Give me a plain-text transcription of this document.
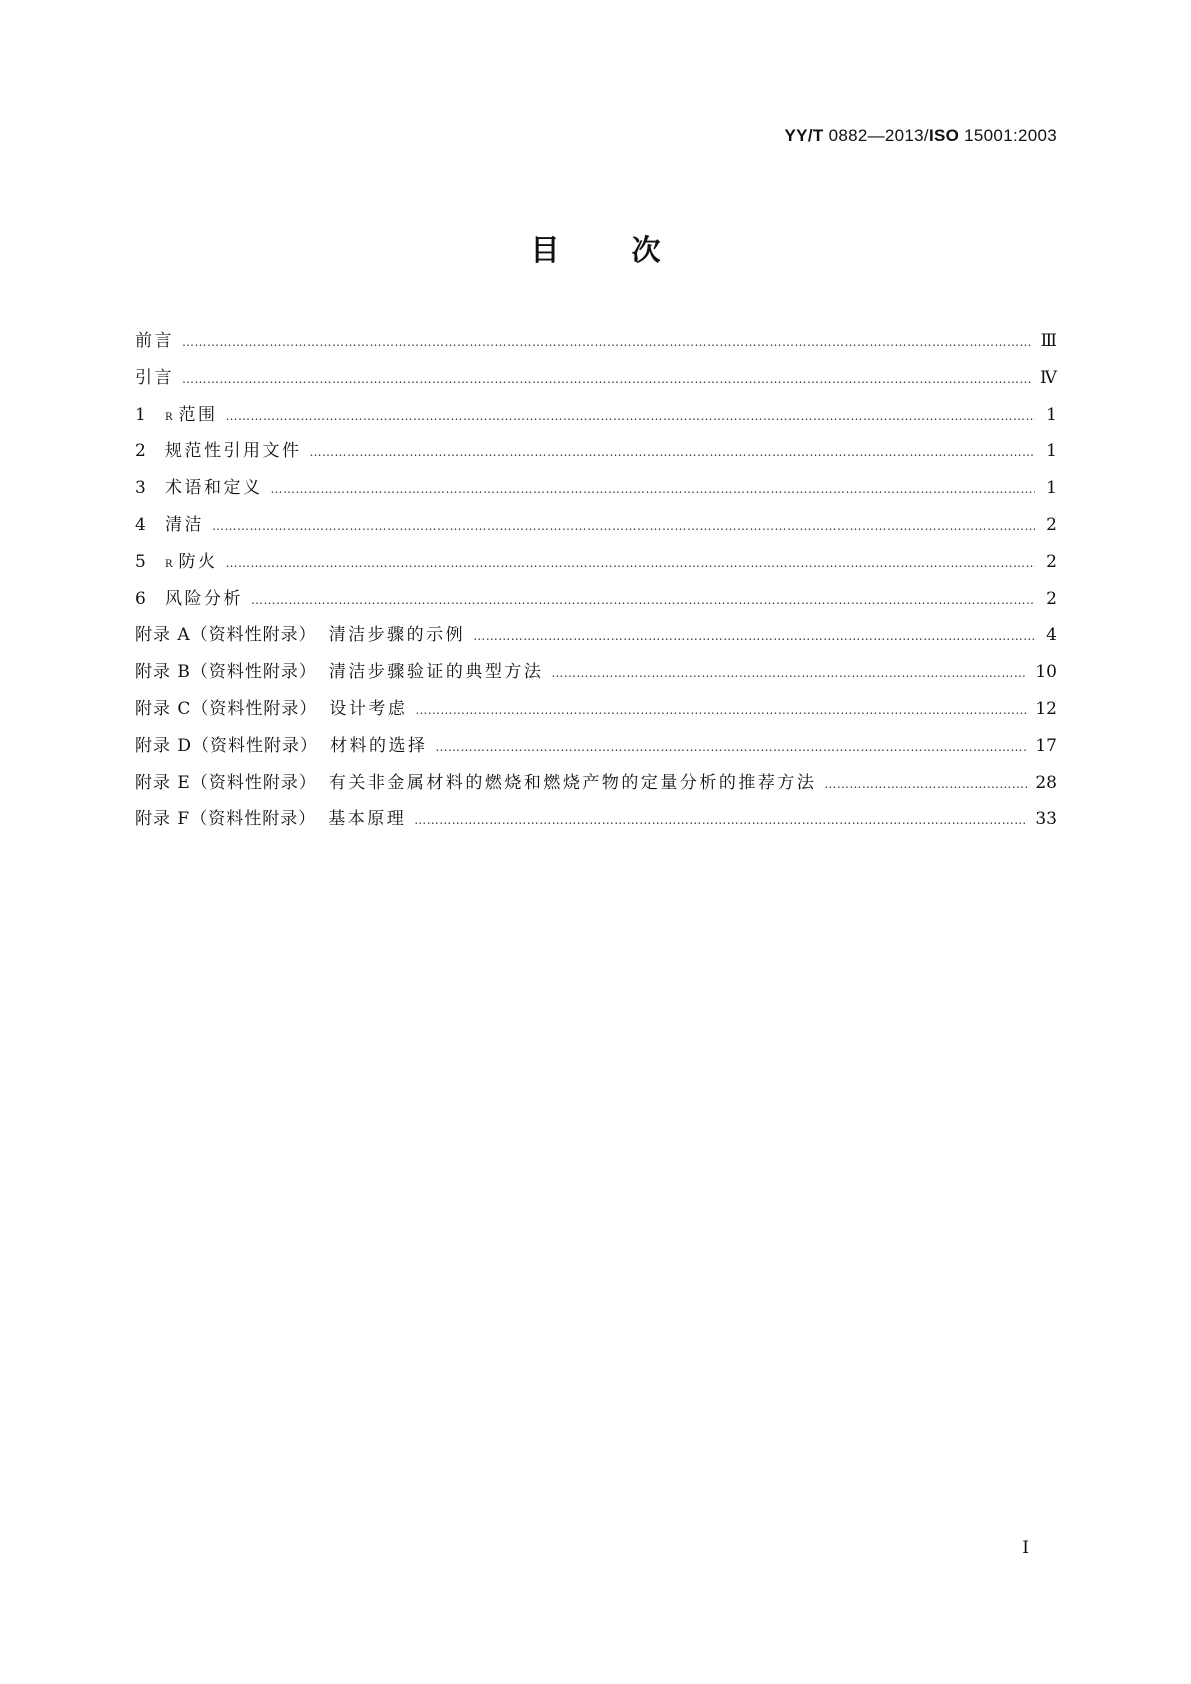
YY/T 0882—2013/ISO 15001:2003
目 次
前言 …………………………………………………………………………………………………………………………………………………………………………………………………………	Ⅲ
引言 …………………………………………………………………………………………………………………………………………………………………………………………………………	Ⅳ
1	R 范围 …………………………………………………………………………………………………………………………………………………………………………………………………………	1
2	规范性引用文件 …………………………………………………………………………………………………………………………………………………………………………………………………………	1
3	术语和定义 …………………………………………………………………………………………………………………………………………………………………………………………………………	1
4	清洁 …………………………………………………………………………………………………………………………………………………………………………………………………………	2
5	R 防火 …………………………………………………………………………………………………………………………………………………………………………………………………………	2
6	风险分析 …………………………………………………………………………………………………………………………………………………………………………………………………………	2
附录 A（资料性附录） 清洁步骤的示例 …………………………………………………………………………………………………………………………………………………………………………………………………………	4
附录 B（资料性附录） 清洁步骤验证的典型方法 …………………………………………………………………………………………………………………………………………………………………………………………………………	10
附录 C（资料性附录） 设计考虑 …………………………………………………………………………………………………………………………………………………………………………………………………………	12
附录 D（资料性附录） 材料的选择 …………………………………………………………………………………………………………………………………………………………………………………………………………	17
附录 E（资料性附录） 有关非金属材料的燃烧和燃烧产物的定量分析的推荐方法 …………………………………………………………………………………………………………………………………………………………………………………………………………	28
附录 F（资料性附录） 基本原理 …………………………………………………………………………………………………………………………………………………………………………………………………………	33
I
